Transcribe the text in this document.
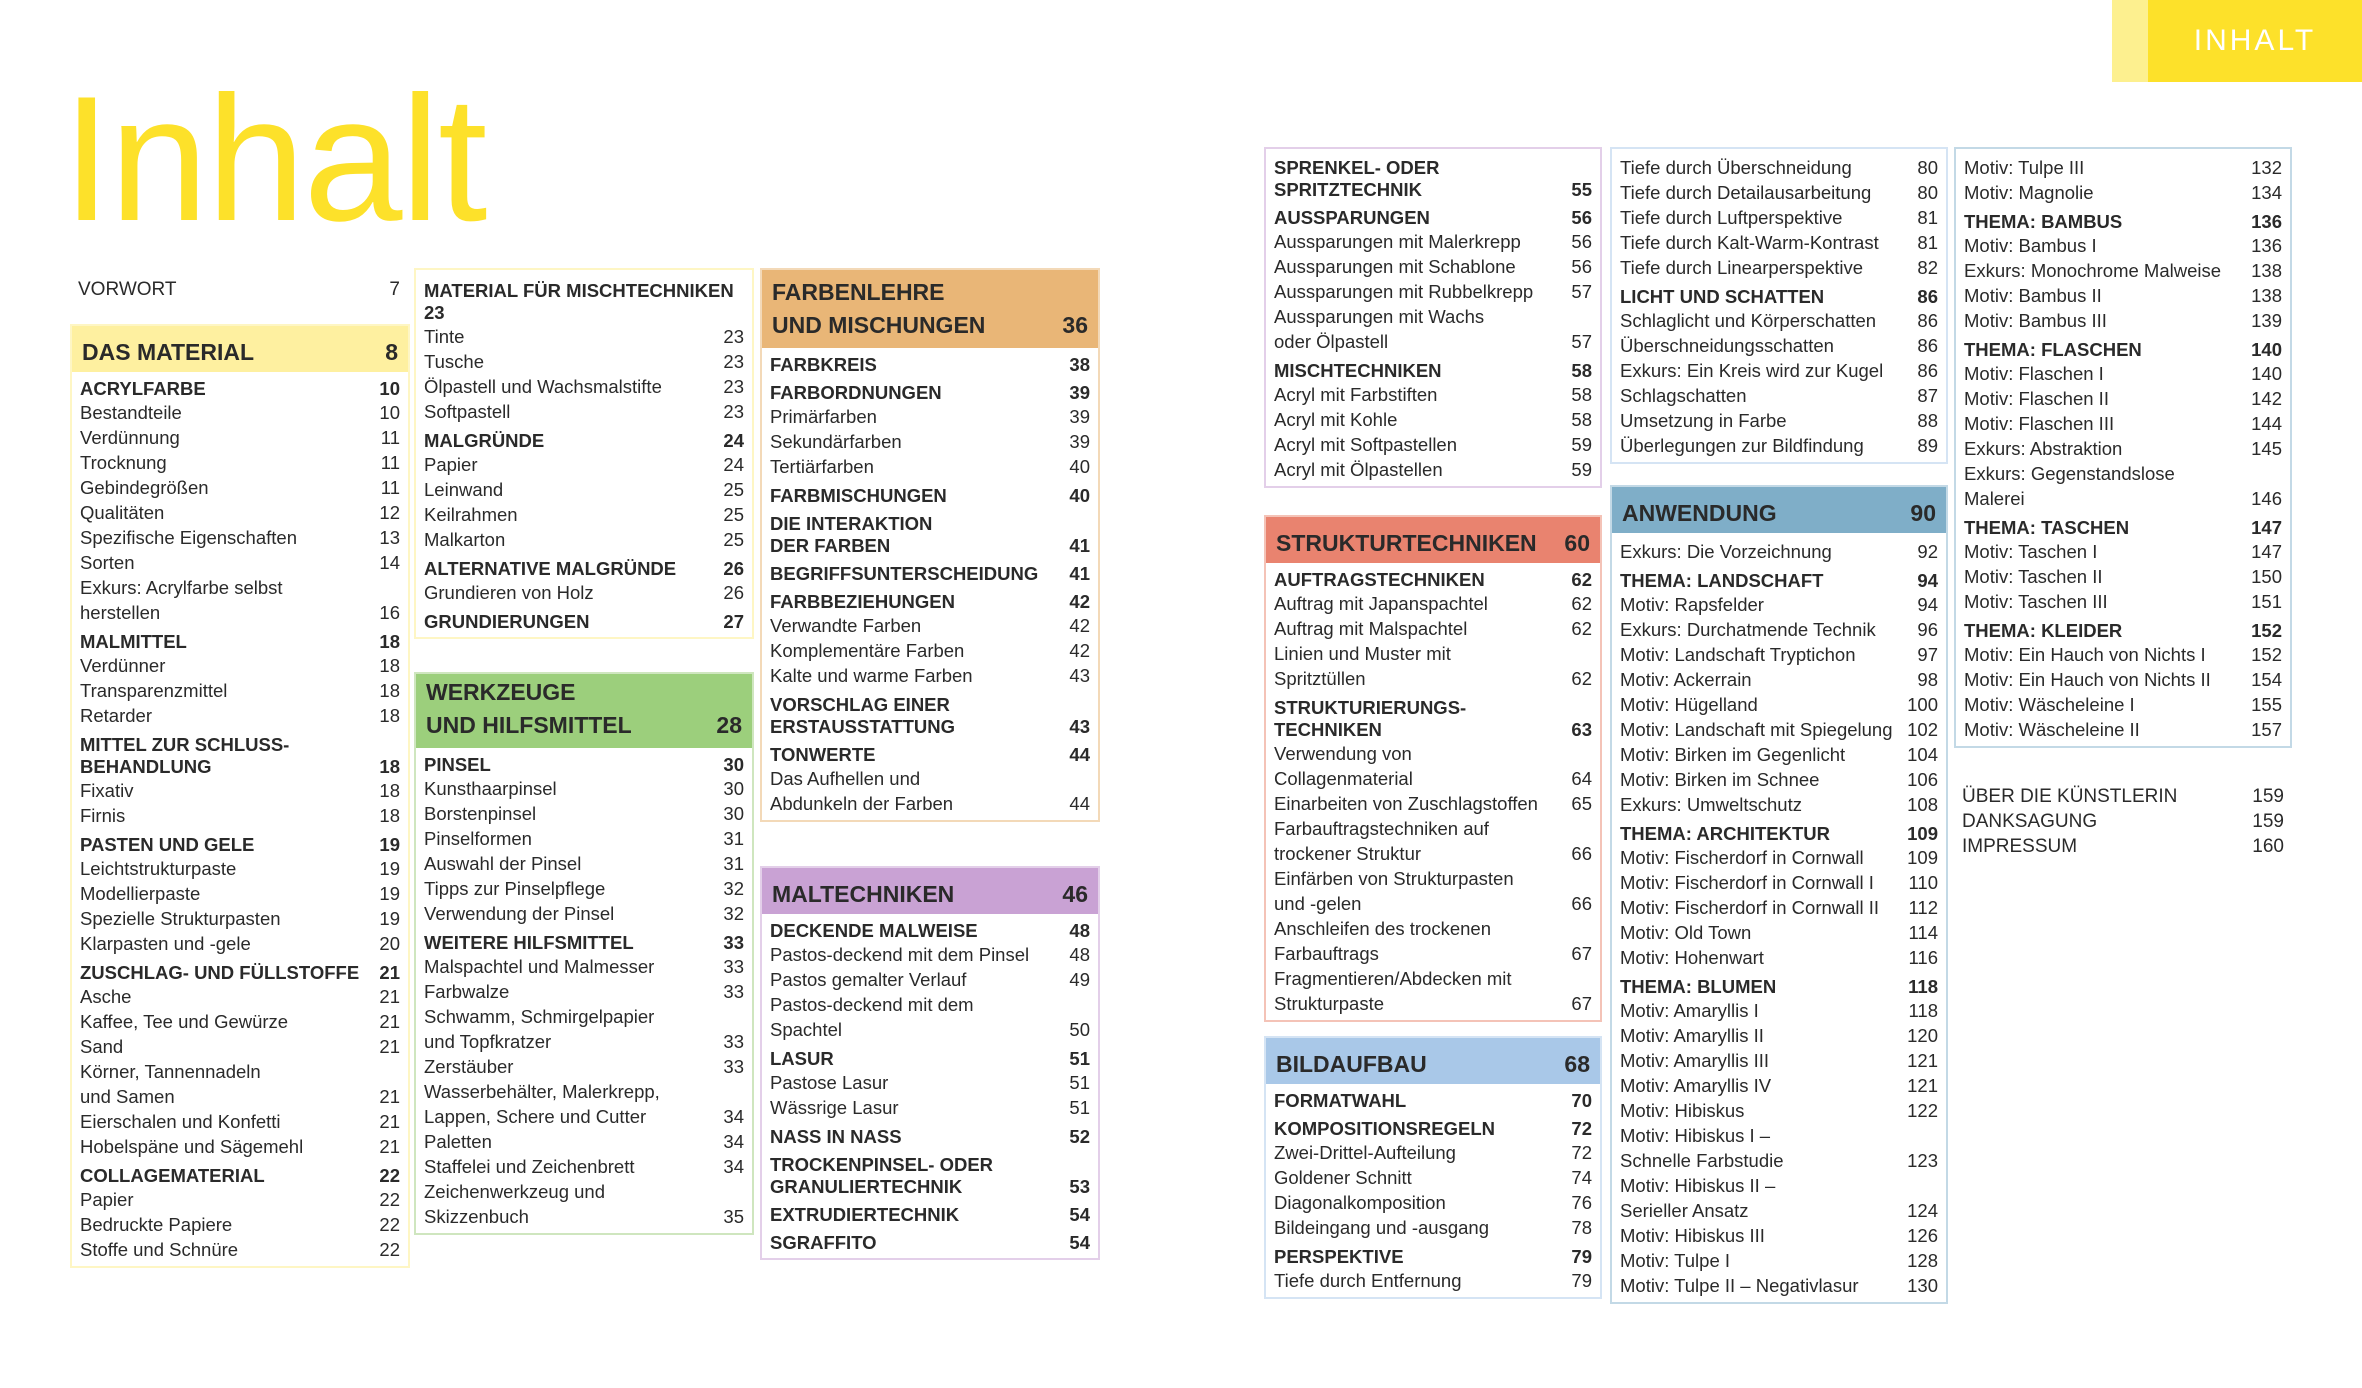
INHALT
Inhalt
VORWORT	7
DAS MATERIAL	8
ACRYLFARBE	10
Bestandteile	10
Verdünnung	11
Trocknung	11
Gebindegrößen	11
Qualitäten	12
Spezifische Eigenschaften	13
Sorten	14
Exkurs: Acrylfarbe selbst
herstellen	16
MALMITTEL	18
Verdünner	18
Transparenzmittel	18
Retarder	18
MITTEL ZUR SCHLUSS-
BEHANDLUNG	18
Fixativ	18
Firnis	18
PASTEN UND GELE	19
Leichtstrukturpaste	19
Modellierpaste	19
Spezielle Strukturpasten	19
Klarpasten und -gele	20
ZUSCHLAG- UND FÜLLSTOFFE 21
Asche	21
Kaffee, Tee und Gewürze	21
Sand	21
Körner, Tannennadeln
und Samen	21
Eierschalen und Konfetti	21
Hobelspäne und Sägemehl	21
COLLAGEMATERIAL	22
Papier	22
Bedruckte Papiere	22
Stoffe und Schnüre	22
MATERIAL FÜR MISCHTECHNIKEN
23
Tinte	23
Tusche	23
Ölpastell und Wachsmalstifte	23
Softpastell	23
MALGRÜNDE	24
Papier	24
Leinwand	25
Keilrahmen	25
Malkarton	25
ALTERNATIVE MALGRÜNDE	26
Grundieren von Holz	26
GRUNDIERUNGEN	27
WERKZEUGE
UND HILFSMITTEL	28
PINSEL	30
Kunsthaarpinsel	30
Borstenpinsel	30
Pinselformen	31
Auswahl der Pinsel	31
Tipps zur Pinselpflege	32
Verwendung der Pinsel	32
WEITERE HILFSMITTEL	33
Malspachtel und Malmesser	33
Farbwalze	33
Schwamm, Schmirgelpapier
und Topfkratzer	33
Zerstäuber	33
Wasserbehälter, Malerkrepp,
Lappen, Schere und Cutter	34
Paletten	34
Staffelei und Zeichenbrett	34
Zeichenwerkzeug und
Skizzenbuch	35
FARBENLEHRE
UND MISCHUNGEN	36
FARBKREIS	38
FARBORDNUNGEN	39
Primärfarben	39
Sekundärfarben	39
Tertiärfarben	40
FARBMISCHUNGEN	40
DIE INTERAKTION
DER FARBEN	41
BEGRIFFSUNTERSCHEIDUNG 41
FARBBEZIEHUNGEN	42
Verwandte Farben	42
Komplementäre Farben	42
Kalte und warme Farben	43
VORSCHLAG EINER
ERSTAUSSTATTUNG	43
TONWERTE	44
Das Aufhellen und
Abdunkeln der Farben	44
MALTECHNIKEN	46
DECKENDE MALWEISE	48
Pastos-deckend mit dem Pinsel 48
Pastos gemalter Verlauf	49
Pastos-deckend mit dem
Spachtel	50
LASUR	51
Pastose Lasur	51
Wässrige Lasur	51
NASS IN NASS	52
TROCKENPINSEL- ODER
GRANULIERTECHNIK	53
EXTRUDIERTECHNIK	54
SGRAFFITO	54
SPRENKEL- ODER
SPRITZTECHNIK	55
AUSSPARUNGEN	56
Aussparungen mit Malerkrepp	56
Aussparungen mit Schablone	56
Aussparungen mit Rubbelkrepp 57
Aussparungen mit Wachs
oder Ölpastell	57
MISCHTECHNIKEN	58
Acryl mit Farbstiften	58
Acryl mit Kohle	58
Acryl mit Softpastellen	59
Acryl mit Ölpastellen	59
STRUKTURTECHNIKEN 60
AUFTRAGSTECHNIKEN	62
Auftrag mit Japanspachtel	62
Auftrag mit Malspachtel	62
Linien und Muster mit
Spritztüllen	62
STRUKTURIERUNGS-
TECHNIKEN	63
Verwendung von
Collagenmaterial	64
Einarbeiten von Zuschlagstoffen 65
Farbauftragstechniken auf
trockener Struktur	66
Einfärben von Strukturpasten
und -gelen	66
Anschleifen des trockenen
Farbauftrags	67
Fragmentieren/Abdecken mit
Strukturpaste	67
BILDAUFBAU	68
FORMATWAHL	70
KOMPOSITIONSREGELN	72
Zwei-Drittel-Aufteilung	72
Goldener Schnitt	74
Diagonalkomposition	76
Bildeingang und -ausgang	78
PERSPEKTIVE	79
Tiefe durch Entfernung	79
Tiefe durch Überschneidung	80
Tiefe durch Detailausarbeitung 80
Tiefe durch Luftperspektive	81
Tiefe durch Kalt-Warm-Kontrast 81
Tiefe durch Linearperspektive	82
LICHT UND SCHATTEN	86
Schlaglicht und Körperschatten 86
Überschneidungsschatten	86
Exkurs: Ein Kreis wird zur Kugel 86
Schlagschatten	87
Umsetzung in Farbe	88
Überlegungen zur Bildfindung	89
ANWENDUNG	90
Exkurs: Die Vorzeichnung	92
THEMA: LANDSCHAFT	94
Motiv: Rapsfelder	94
Exkurs: Durchatmende Technik 96
Motiv: Landschaft Tryptichon	97
Motiv: Ackerrain	98
Motiv: Hügelland	100
Motiv: Landschaft mit Spiegelung 102
Motiv: Birken im Gegenlicht	104
Motiv: Birken im Schnee	106
Exkurs: Umweltschutz	108
THEMA: ARCHITEKTUR	109
Motiv: Fischerdorf in Cornwall 109
Motiv: Fischerdorf in Cornwall I 110
Motiv: Fischerdorf in Cornwall II 112
Motiv: Old Town	114
Motiv: Hohenwart	116
THEMA: BLUMEN	118
Motiv: Amaryllis I	118
Motiv: Amaryllis II	120
Motiv: Amaryllis III	121
Motiv: Amaryllis IV	121
Motiv: Hibiskus	122
Motiv: Hibiskus I –
Schnelle Farbstudie	123
Motiv: Hibiskus II –
Serieller Ansatz	124
Motiv: Hibiskus III	126
Motiv: Tulpe I	128
Motiv: Tulpe II – Negativlasur	130
Motiv: Tulpe III	132
Motiv: Magnolie	134
THEMA: BAMBUS	136
Motiv: Bambus I	136
Exkurs: Monochrome Malweise 138
Motiv: Bambus II	138
Motiv: Bambus III	139
THEMA: FLASCHEN	140
Motiv: Flaschen I	140
Motiv: Flaschen II	142
Motiv: Flaschen III	144
Exkurs: Abstraktion	145
Exkurs: Gegenstandslose
Malerei	146
THEMA: TASCHEN	147
Motiv: Taschen I	147
Motiv: Taschen II	150
Motiv: Taschen III	151
THEMA: KLEIDER	152
Motiv: Ein Hauch von Nichts I 152
Motiv: Ein Hauch von Nichts II 154
Motiv: Wäscheleine I	155
Motiv: Wäscheleine II	157
ÜBER DIE KÜNSTLERIN	159
DANKSAGUNG	159
IMPRESSUM	160
